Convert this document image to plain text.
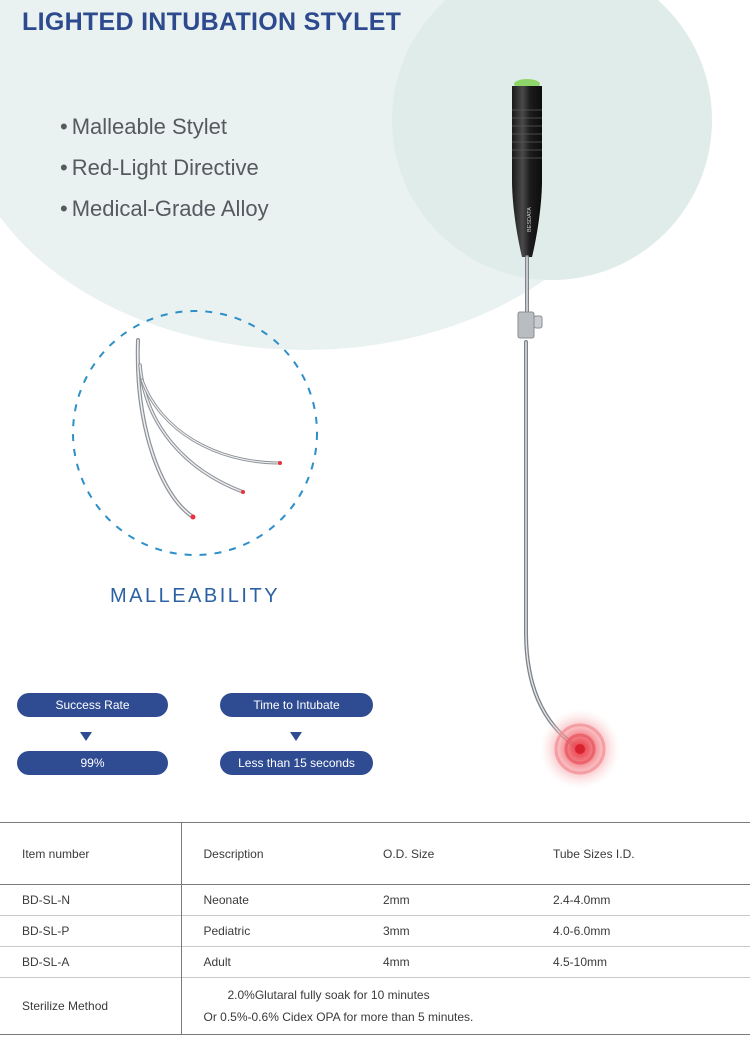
LIGHTED INTUBATION STYLET
• Malleable Stylet
• Red-Light Directive
• Medical-Grade Alloy
MALLEABILITY
BESDATA
Success Rate
99%
Time to Intubate
Less than 15 seconds
Item number	Description	O.D. Size	Tube Sizes I.D.
BD-SL-N	Neonate	2mm	2.4-4.0mm
BD-SL-P	Pediatric	3mm	4.0-6.0mm
BD-SL-A	Adult	4mm	4.5-10mm
Sterilize Method	2.0%Glutaral fully soak for 10 minutes
Or 0.5%-0.6% Cidex OPA for more than 5 minutes.		
